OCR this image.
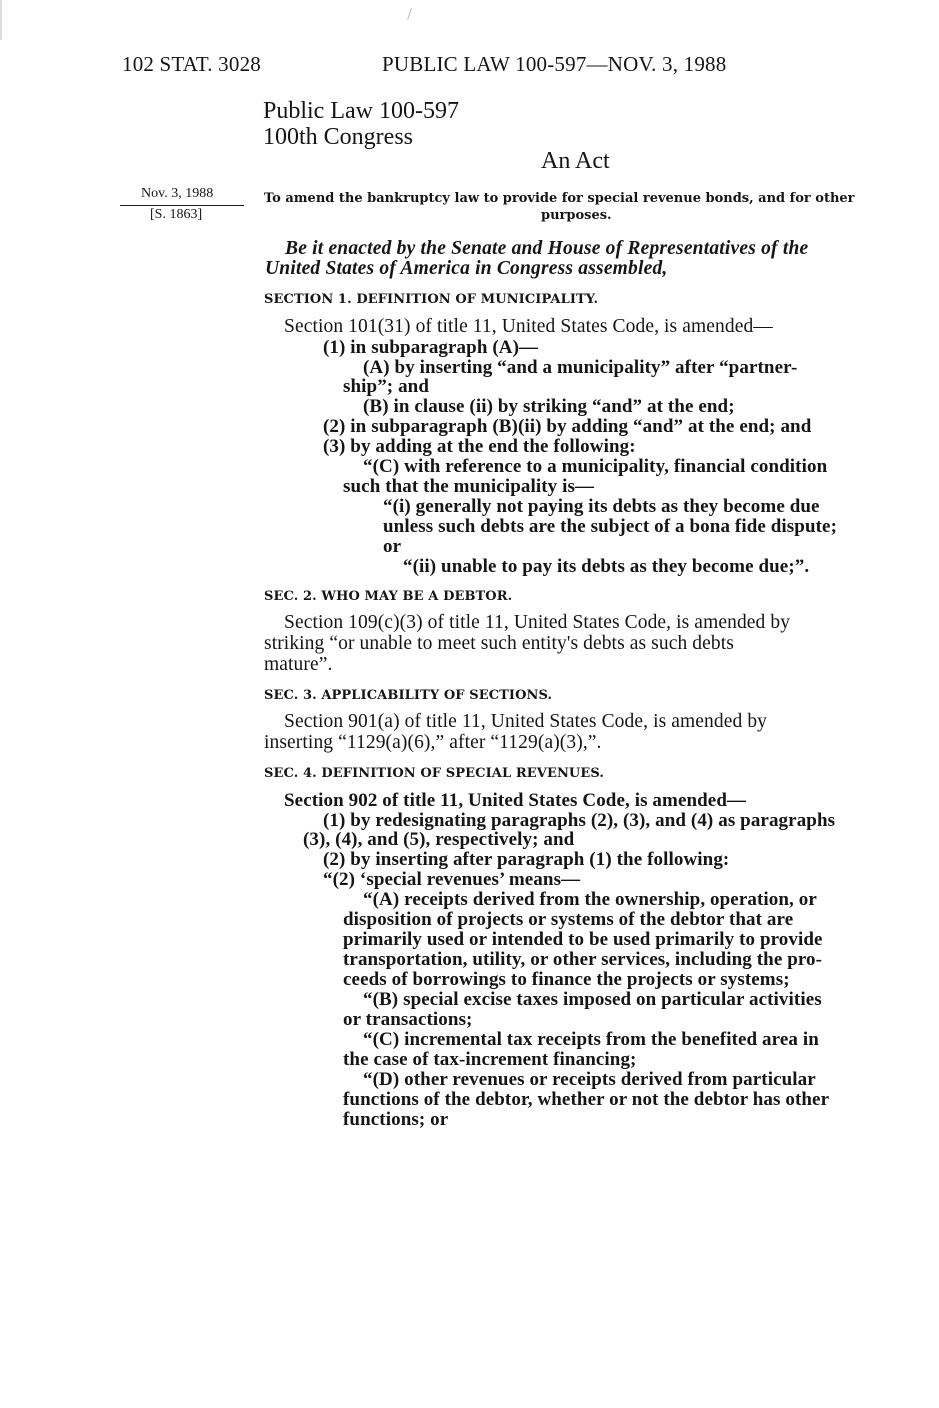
102 STAT. 3028	PUBLIC LAW 100-597—NOV. 3, 1988
Public Law 100-597
100th Congress
An Act
Nov. 3, 1988
[S. 1863]
To amend the bankruptcy law to provide for special revenue bonds, and for other
purposes.
Be it enacted by the Senate and House of Representatives of the
United States of America in Congress assembled,
SECTION 1. DEFINITION OF MUNICIPALITY.
Section 101(31) of title 11, United States Code, is amended—
(1) in subparagraph (A)—
(A) by inserting “and a municipality” after “partner-
ship”; and
(B) in clause (ii) by striking “and” at the end;
(2) in subparagraph (B)(ii) by adding “and” at the end; and
(3) by adding at the end the following:
“(C) with reference to a municipality, financial condition
such that the municipality is—
“(i) generally not paying its debts as they become due
unless such debts are the subject of a bona fide dispute;
or
“(ii) unable to pay its debts as they become due;”.
SEC. 2. WHO MAY BE A DEBTOR.
Section 109(c)(3) of title 11, United States Code, is amended by
striking “or unable to meet such entity's debts as such debts
mature”.
SEC. 3. APPLICABILITY OF SECTIONS.
Section 901(a) of title 11, United States Code, is amended by
inserting “1129(a)(6),” after “1129(a)(3),”.
SEC. 4. DEFINITION OF SPECIAL REVENUES.
Section 902 of title 11, United States Code, is amended—
(1) by redesignating paragraphs (2), (3), and (4) as paragraphs
(3), (4), and (5), respectively; and
(2) by inserting after paragraph (1) the following:
“(2) ‘special revenues’ means—
“(A) receipts derived from the ownership, operation, or
disposition of projects or systems of the debtor that are
primarily used or intended to be used primarily to provide
transportation, utility, or other services, including the pro-
ceeds of borrowings to finance the projects or systems;
“(B) special excise taxes imposed on particular activities
or transactions;
“(C) incremental tax receipts from the benefited area in
the case of tax-increment financing;
“(D) other revenues or receipts derived from particular
functions of the debtor, whether or not the debtor has other
functions; or
